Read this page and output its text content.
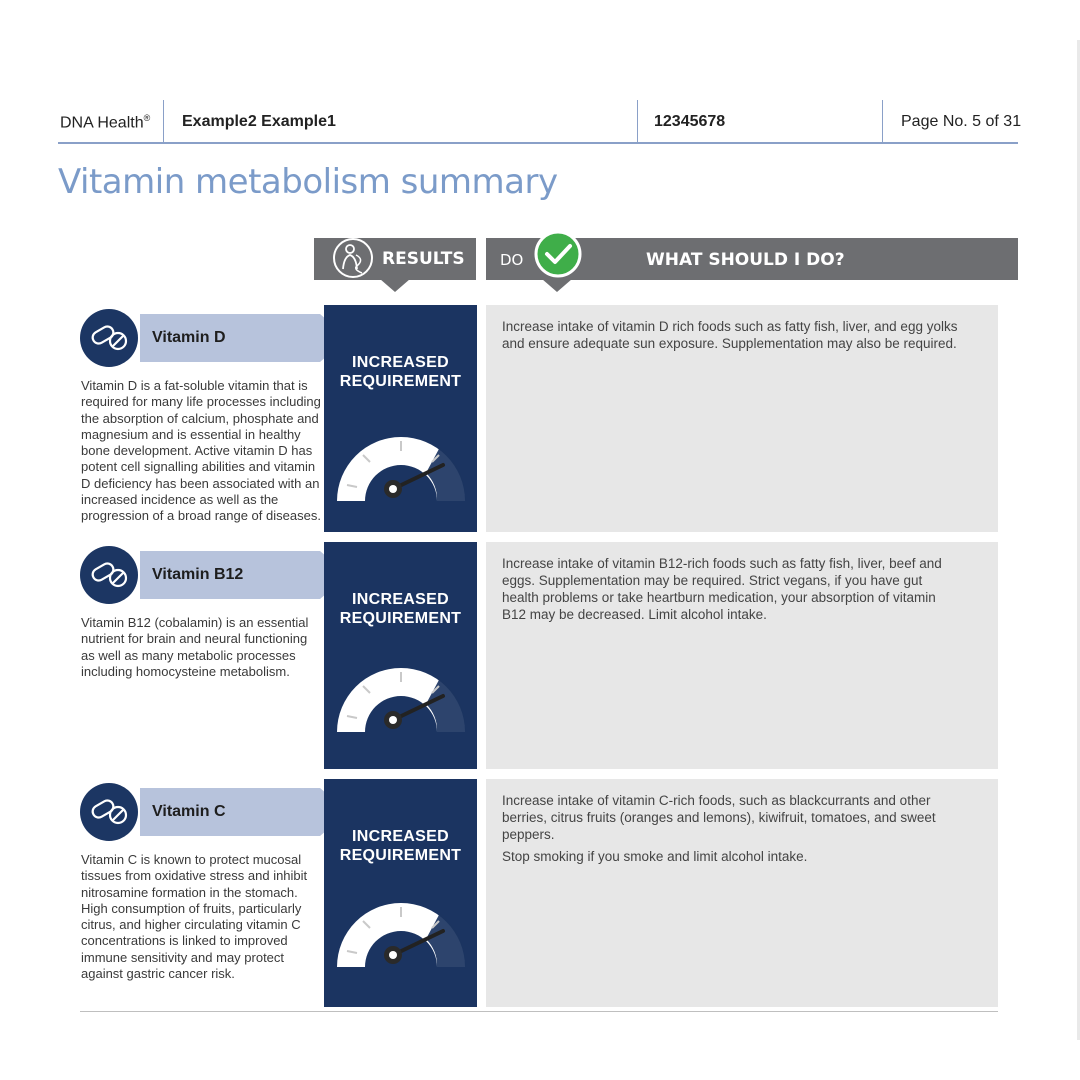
DNA Health® Example2 Example1	12345678	Page No. 5 of 31
Vitamin metabolism summary
RESULTS DO	WHAT SHOULD I DO?
Vitamin D
Vitamin D is a fat-soluble vitamin that is required for many life processes including the absorption of calcium, phosphate and magnesium and is essential in healthy bone development. Active vitamin D has potent cell signalling abilities and vitamin D deficiency has been associated with an increased incidence as well as the progression of a broad range of diseases.
INCREASED
REQUIREMENT
Increase intake of vitamin D rich foods such as fatty fish, liver, and egg yolks and ensure adequate sun exposure. Supplementation may also be required.
Vitamin B12
Vitamin B12 (cobalamin) is an essential nutrient for brain and neural functioning as well as many metabolic processes including homocysteine metabolism.
INCREASED
REQUIREMENT
Increase intake of vitamin B12-rich foods such as fatty fish, liver, beef and eggs. Supplementation may be required. Strict vegans, if you have gut health problems or take heartburn medication, your absorption of vitamin B12 may be decreased. Limit alcohol intake.
Vitamin C
Vitamin C is known to protect mucosal tissues from oxidative stress and inhibit nitrosamine formation in the stomach. High consumption of fruits, particularly citrus, and higher circulating vitamin C concentrations is linked to improved immune sensitivity and may protect against gastric cancer risk.
INCREASED
REQUIREMENT
Increase intake of vitamin C-rich foods, such as blackcurrants and other berries, citrus fruits (oranges and lemons), kiwifruit, tomatoes, and sweet peppers.
Stop smoking if you smoke and limit alcohol intake.
